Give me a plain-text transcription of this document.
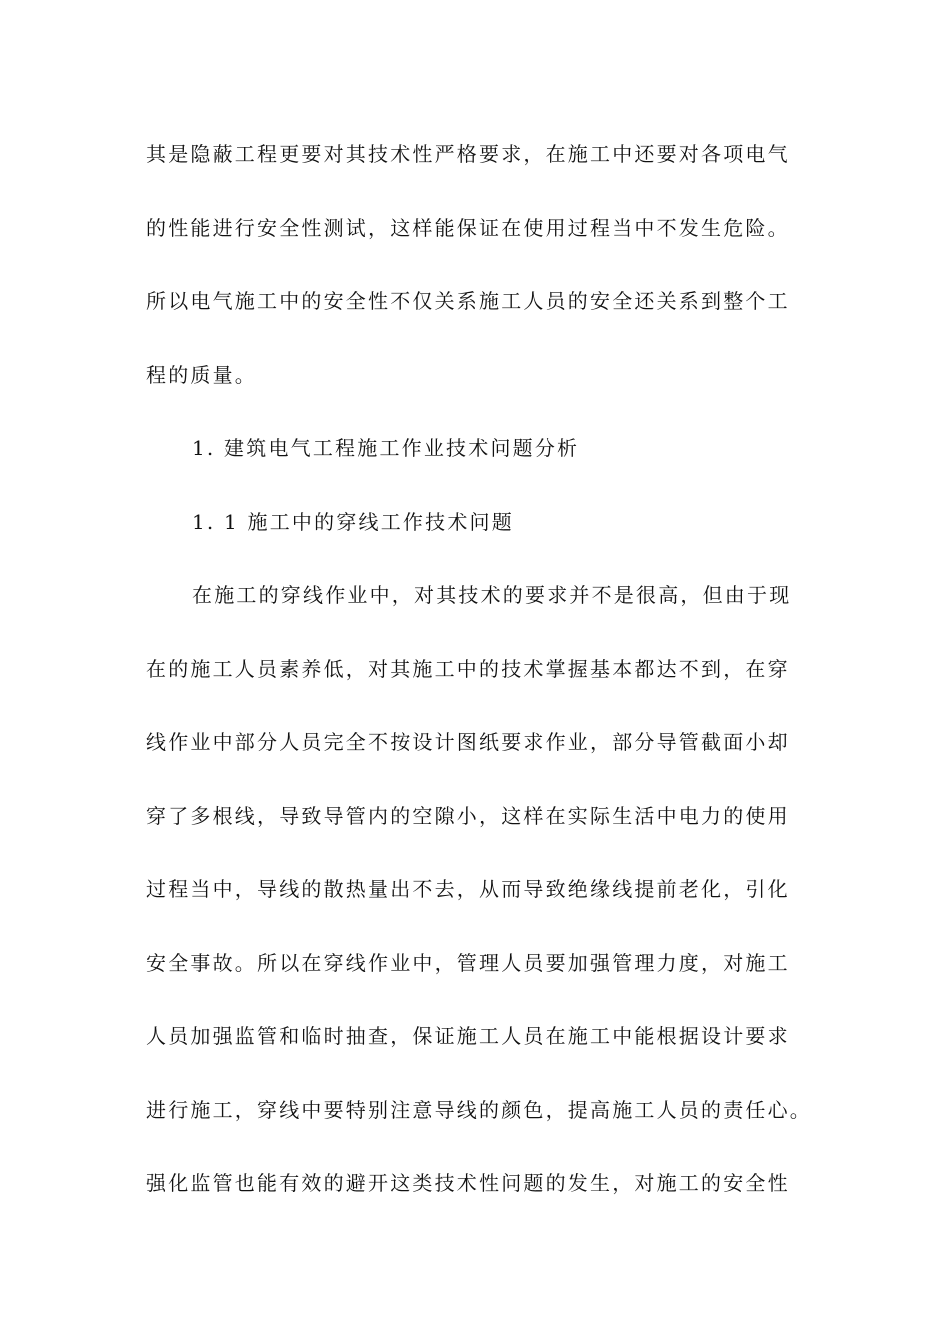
其是隐蔽工程更要对其技术性严格要求，在施工中还要对各项电气
的性能进行安全性测试，这样能保证在使用过程当中不发生危险。
所以电气施工中的安全性不仅关系施工人员的安全还关系到整个工
程的质量。
1. 建筑电气工程施工作业技术问题分析
1. 1 施工中的穿线工作技术问题
在施工的穿线作业中，对其技术的要求并不是很高，但由于现
在的施工人员素养低，对其施工中的技术掌握基本都达不到，在穿
线作业中部分人员完全不按设计图纸要求作业，部分导管截面小却
穿了多根线，导致导管内的空隙小，这样在实际生活中电力的使用
过程当中，导线的散热量出不去，从而导致绝缘线提前老化，引化
安全事故。所以在穿线作业中，管理人员要加强管理力度，对施工
人员加强监管和临时抽查，保证施工人员在施工中能根据设计要求
进行施工，穿线中要特别注意导线的颜色，提高施工人员的责任心。
强化监管也能有效的避开这类技术性问题的发生，对施工的安全性
